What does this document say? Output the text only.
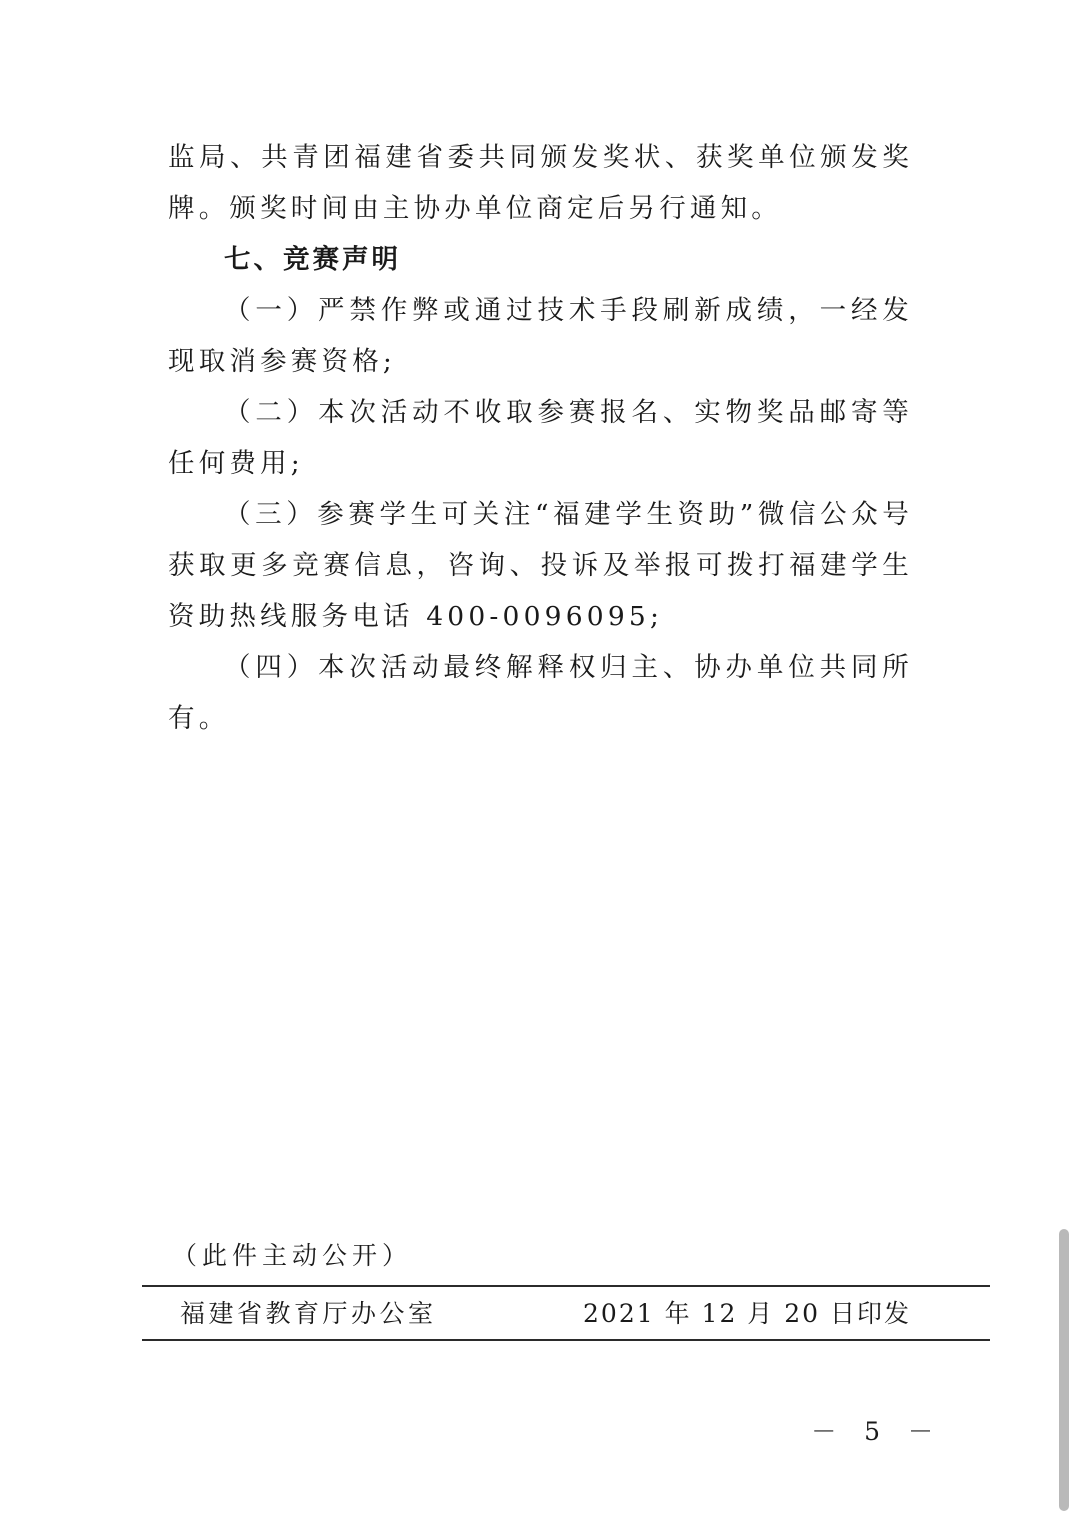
监局、共青团福建省委共同颁发奖状、获奖单位颁发奖牌。颁奖时间由主协办单位商定后另行通知。

七、竞赛声明

（一）严禁作弊或通过技术手段刷新成绩，一经发现取消参赛资格;

（二）本次活动不收取参赛报名、实物奖品邮寄等任何费用;

（三）参赛学生可关注“福建学生资助”微信公众号获取更多竞赛信息，咨询、投诉及举报可拨打福建学生资助热线服务电话 400-0096095;

（四）本次活动最终解释权归主、协办单位共同所有。

（此件主动公开）
福建省教育厅办公室	2021 年 12 月 20 日印发
－ 5 －
